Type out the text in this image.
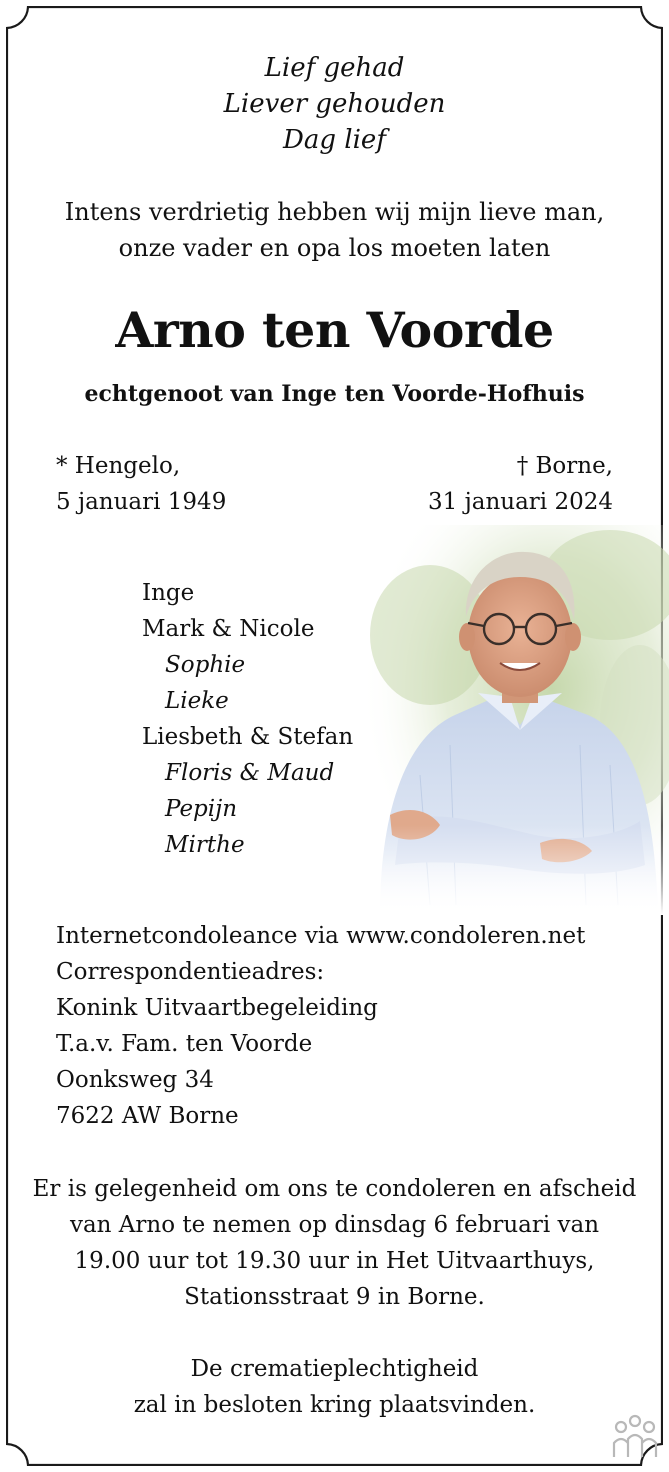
Lief gehad
Liever gehouden
Dag lief
Intens verdrietig hebben wij mijn lieve man,
onze vader en opa los moeten laten
Arno ten Voorde
echtgenoot van Inge ten Voorde-Hofhuis
* Hengelo,
5 januari 1949
† Borne,
31 januari 2024
Inge
Mark & Nicole
Sophie
Lieke
Liesbeth & Stefan
Floris & Maud
Pepijn
Mirthe
Internetcondoleance via www.condoleren.net
Correspondentieadres:
Konink Uitvaartbegeleiding
T.a.v. Fam. ten Voorde
Oonksweg 34
7622 AW Borne
Er is gelegenheid om ons te condoleren en afscheid
van Arno te nemen op dinsdag 6 februari van
19.00 uur tot 19.30 uur in Het Uitvaarthuys,
Stationsstraat 9 in Borne.
De crematieplechtigheid
zal in besloten kring plaatsvinden.
